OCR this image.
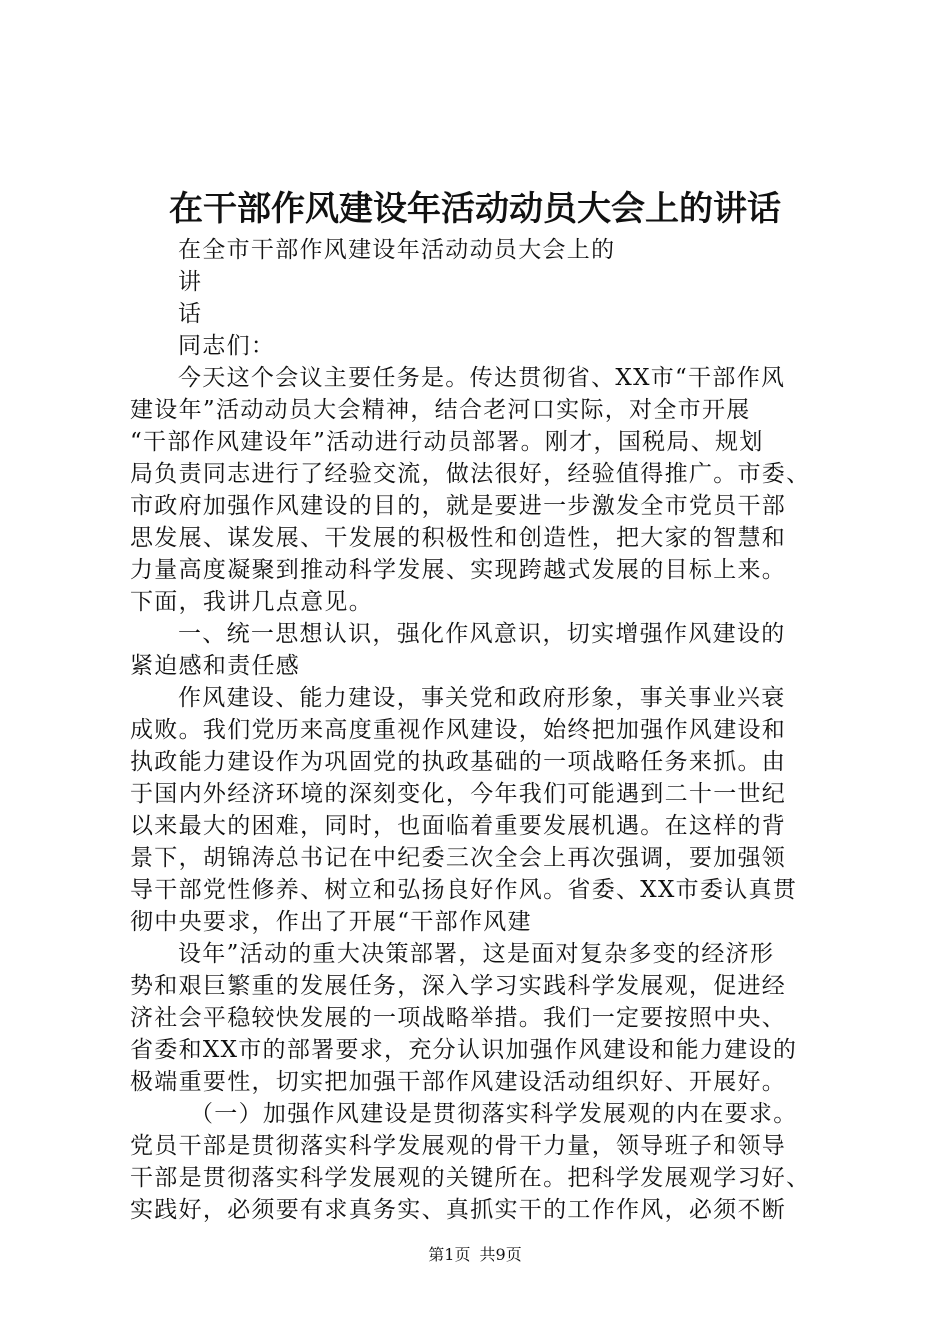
在干部作风建设年活动动员大会上的讲话
在全市干部作风建设年活动动员大会上的
讲
话
同志们：
今天这个会议主要任务是。传达贯彻省、XX市“干部作风
建设年”活动动员大会精神，结合老河口实际，对全市开展
“干部作风建设年”活动进行动员部署。刚才，国税局、规划
局负责同志进行了经验交流，做法很好，经验值得推广。市委、
市政府加强作风建设的目的，就是要进一步激发全市党员干部
思发展、谋发展、干发展的积极性和创造性，把大家的智慧和
力量高度凝聚到推动科学发展、实现跨越式发展的目标上来。
下面，我讲几点意见。
一、统一思想认识，强化作风意识，切实增强作风建设的
紧迫感和责任感
作风建设、能力建设，事关党和政府形象，事关事业兴衰
成败。我们党历来高度重视作风建设，始终把加强作风建设和
执政能力建设作为巩固党的执政基础的一项战略任务来抓。由
于国内外经济环境的深刻变化，今年我们可能遇到二十一世纪
以来最大的困难，同时，也面临着重要发展机遇。在这样的背
景下，胡锦涛总书记在中纪委三次全会上再次强调，要加强领
导干部党性修养、树立和弘扬良好作风。省委、XX市委认真贯
彻中央要求，作出了开展“干部作风建
设年”活动的重大决策部署，这是面对复杂多变的经济形
势和艰巨繁重的发展任务，深入学习实践科学发展观，促进经
济社会平稳较快发展的一项战略举措。我们一定要按照中央、
省委和XX市的部署要求，充分认识加强作风建设和能力建设的
极端重要性，切实把加强干部作风建设活动组织好、开展好。
（一）加强作风建设是贯彻落实科学发展观的内在要求。
党员干部是贯彻落实科学发展观的骨干力量，领导班子和领导
干部是贯彻落实科学发展观的关键所在。把科学发展观学习好、
实践好，必须要有求真务实、真抓实干的工作作风，必须不断
第1页 共9页
